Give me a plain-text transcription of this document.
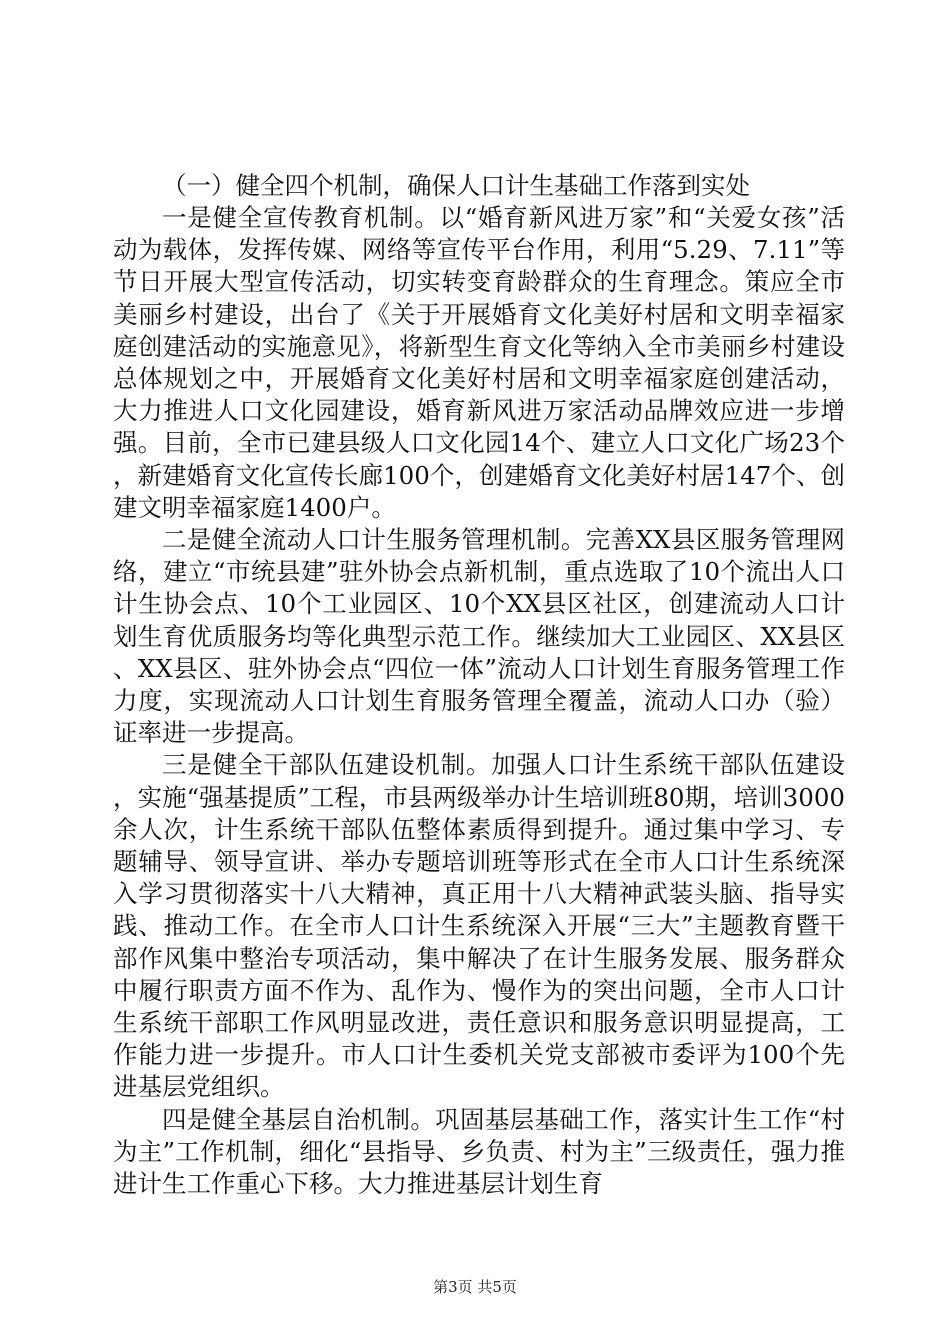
（一）健全四个机制，确保人口计生基础工作落到实处

一是健全宣传教育机制。以“婚育新风进万家”和“关爱女孩”活动为载体，发挥传媒、网络等宣传平台作用，利用“5.29、7.11”等节日开展大型宣传活动，切实转变育龄群众的生育理念。策应全市美丽乡村建设，出台了《关于开展婚育文化美好村居和文明幸福家庭创建活动的实施意见》，将新型生育文化等纳入全市美丽乡村建设总体规划之中，开展婚育文化美好村居和文明幸福家庭创建活动，大力推进人口文化园建设，婚育新风进万家活动品牌效应进一步增强。目前，全市已建县级人口文化园14个、建立人口文化广场23个，新建婚育文化宣传长廊100个，创建婚育文化美好村居147个、创建文明幸福家庭1400户。

二是健全流动人口计生服务管理机制。完善XX县区服务管理网络，建立“市统县建”驻外协会点新机制，重点选取了10个流出人口计生协会点、10个工业园区、10个XX县区社区，创建流动人口计划生育优质服务均等化典型示范工作。继续加大工业园区、XX县区、XX县区、驻外协会点“四位一体”流动人口计划生育服务管理工作力度，实现流动人口计划生育服务管理全覆盖，流动人口办（验）证率进一步提高。

三是健全干部队伍建设机制。加强人口计生系统干部队伍建设，实施“强基提质”工程，市县两级举办计生培训班80期，培训3000余人次，计生系统干部队伍整体素质得到提升。通过集中学习、专题辅导、领导宣讲、举办专题培训班等形式在全市人口计生系统深入学习贯彻落实十八大精神，真正用十八大精神武装头脑、指导实践、推动工作。在全市人口计生系统深入开展“三大”主题教育暨干部作风集中整治专项活动，集中解决了在计生服务发展、服务群众中履行职责方面不作为、乱作为、慢作为的突出问题，全市人口计生系统干部职工作风明显改进，责任意识和服务意识明显提高，工作能力进一步提升。市人口计生委机关党支部被市委评为100个先进基层党组织。

四是健全基层自治机制。巩固基层基础工作，落实计生工作“村为主”工作机制，细化“县指导、乡负责、村为主”三级责任，强力推进计生工作重心下移。大力推进基层计划生育

第3页 共5页
